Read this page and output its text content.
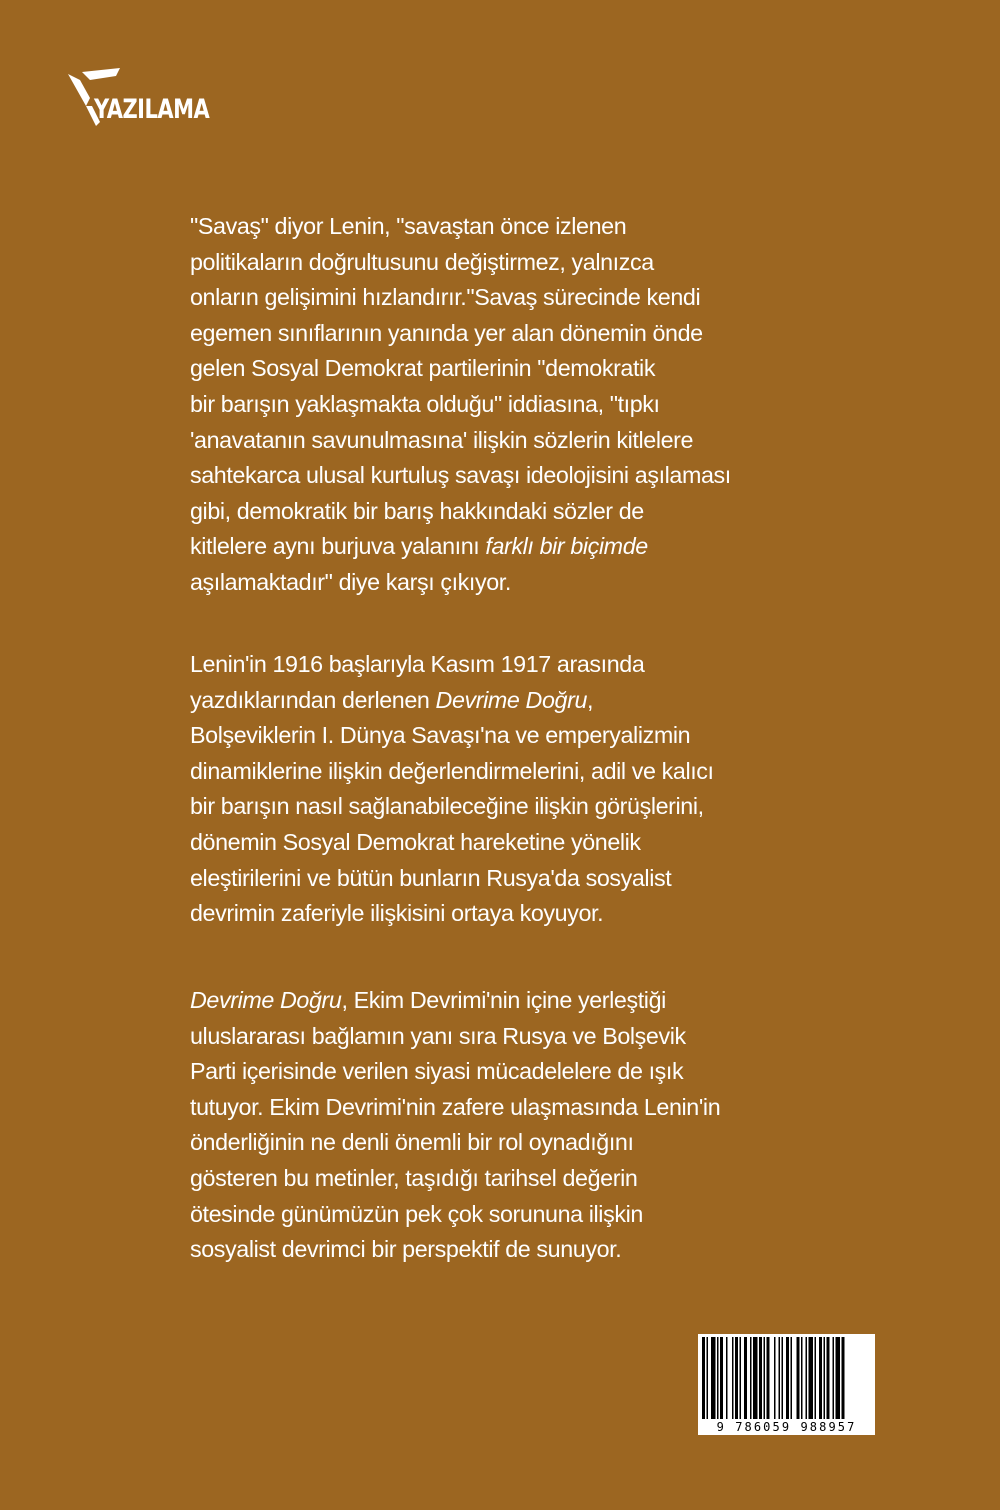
YAZILAMA
"Savaş" diyor Lenin, "savaştan önce izlenen
politikaların doğrultusunu değiştirmez, yalnızca
onların gelişimini hızlandırır."Savaş sürecinde kendi
egemen sınıflarının yanında yer alan dönemin önde
gelen Sosyal Demokrat partilerinin "demokratik
bir barışın yaklaşmakta olduğu" iddiasına, "tıpkı
'anavatanın savunulmasına' ilişkin sözlerin kitlelere
sahtekarca ulusal kurtuluş savaşı ideolojisini aşılaması
gibi, demokratik bir barış hakkındaki sözler de
kitlelere aynı burjuva yalanını farklı bir biçimde
aşılamaktadır" diye karşı çıkıyor.
Lenin'in 1916 başlarıyla Kasım 1917 arasında
yazdıklarından derlenen Devrime Doğru,
Bolşeviklerin I. Dünya Savaşı'na ve emperyalizmin
dinamiklerine ilişkin değerlendirmelerini, adil ve kalıcı
bir barışın nasıl sağlanabileceğine ilişkin görüşlerini,
dönemin Sosyal Demokrat hareketine yönelik
eleştirilerini ve bütün bunların Rusya'da sosyalist
devrimin zaferiyle ilişkisini ortaya koyuyor.
Devrime Doğru, Ekim Devrimi'nin içine yerleştiği
uluslararası bağlamın yanı sıra Rusya ve Bolşevik
Parti içerisinde verilen siyasi mücadelelere de ışık
tutuyor. Ekim Devrimi'nin zafere ulaşmasında Lenin'in
önderliğinin ne denli önemli bir rol oynadığını
gösteren bu metinler, taşıdığı tarihsel değerin
ötesinde günümüzün pek çok sorununa ilişkin
sosyalist devrimci bir perspektif de sunuyor.
9 786059 988957
